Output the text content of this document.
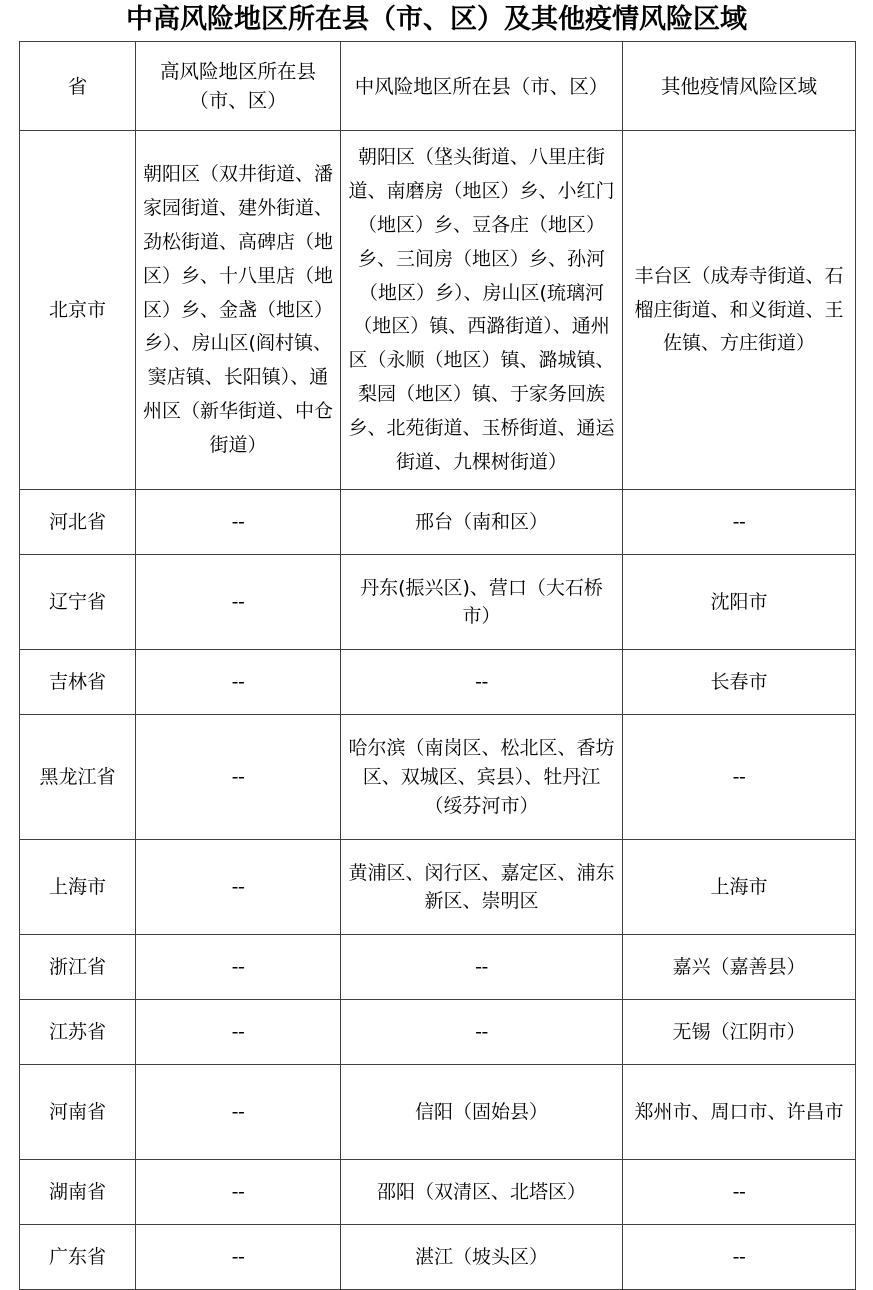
中高风险地区所在县（市、区）及其他疫情风险区域
省	高风险地区所在县（市、区）	中风险地区所在县（市、区）	其他疫情风险区域
北京市	朝阳区（双井街道、潘家园街道、建外街道、劲松街道、高碑店（地区）乡、十八里店（地区）乡、金盏（地区）乡）、房山区(阎村镇、窦店镇、长阳镇）、通州区（新华街道、中仓街道）	朝阳区（垡头街道、八里庄街道、南磨房（地区）乡、小红门（地区）乡、豆各庄（地区）乡、三间房（地区）乡、孙河（地区）乡）、房山区(琉璃河（地区）镇、西潞街道）、通州区（永顺（地区）镇、潞城镇、梨园（地区）镇、于家务回族乡、北苑街道、玉桥街道、通运街道、九棵树街道）	丰台区（成寿寺街道、石榴庄街道、和义街道、王佐镇、方庄街道）
河北省	--	邢台（南和区）	--
辽宁省	--	丹东(振兴区)、营口（大石桥市）	沈阳市
吉林省	--	--	长春市
黑龙江省	--	哈尔滨（南岗区、松北区、香坊区、双城区、宾县）、牡丹江（绥芬河市）	--
上海市	--	黄浦区、闵行区、嘉定区、浦东新区、崇明区	上海市
浙江省	--	--	嘉兴（嘉善县）
江苏省	--	--	无锡（江阴市）
河南省	--	信阳（固始县）	郑州市、周口市、许昌市
湖南省	--	邵阳（双清区、北塔区）	--
广东省	--	湛江（坡头区）	--
